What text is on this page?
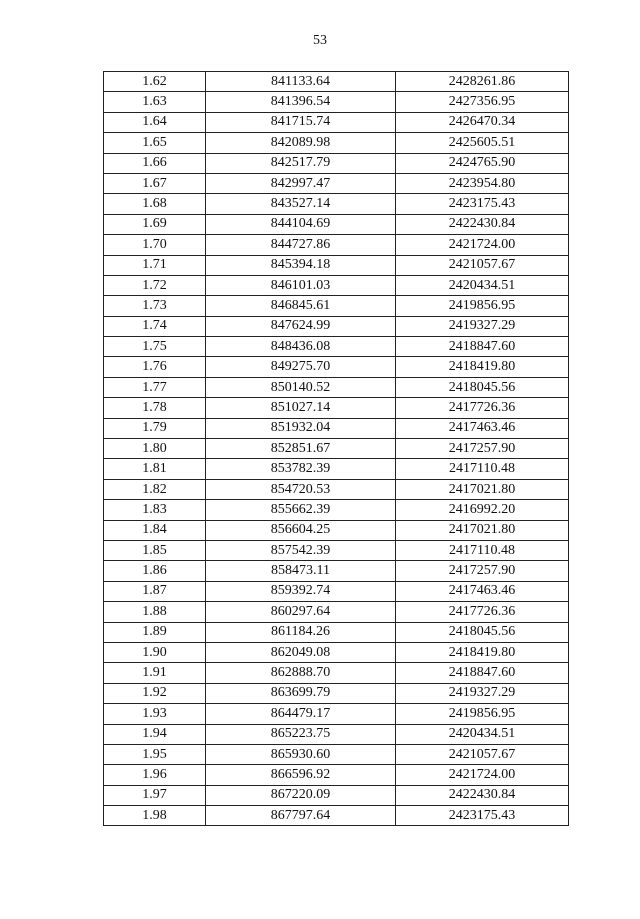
53
1.62	841133.64	2428261.86
1.63	841396.54	2427356.95
1.64	841715.74	2426470.34
1.65	842089.98	2425605.51
1.66	842517.79	2424765.90
1.67	842997.47	2423954.80
1.68	843527.14	2423175.43
1.69	844104.69	2422430.84
1.70	844727.86	2421724.00
1.71	845394.18	2421057.67
1.72	846101.03	2420434.51
1.73	846845.61	2419856.95
1.74	847624.99	2419327.29
1.75	848436.08	2418847.60
1.76	849275.70	2418419.80
1.77	850140.52	2418045.56
1.78	851027.14	2417726.36
1.79	851932.04	2417463.46
1.80	852851.67	2417257.90
1.81	853782.39	2417110.48
1.82	854720.53	2417021.80
1.83	855662.39	2416992.20
1.84	856604.25	2417021.80
1.85	857542.39	2417110.48
1.86	858473.11	2417257.90
1.87	859392.74	2417463.46
1.88	860297.64	2417726.36
1.89	861184.26	2418045.56
1.90	862049.08	2418419.80
1.91	862888.70	2418847.60
1.92	863699.79	2419327.29
1.93	864479.17	2419856.95
1.94	865223.75	2420434.51
1.95	865930.60	2421057.67
1.96	866596.92	2421724.00
1.97	867220.09	2422430.84
1.98	867797.64	2423175.43
